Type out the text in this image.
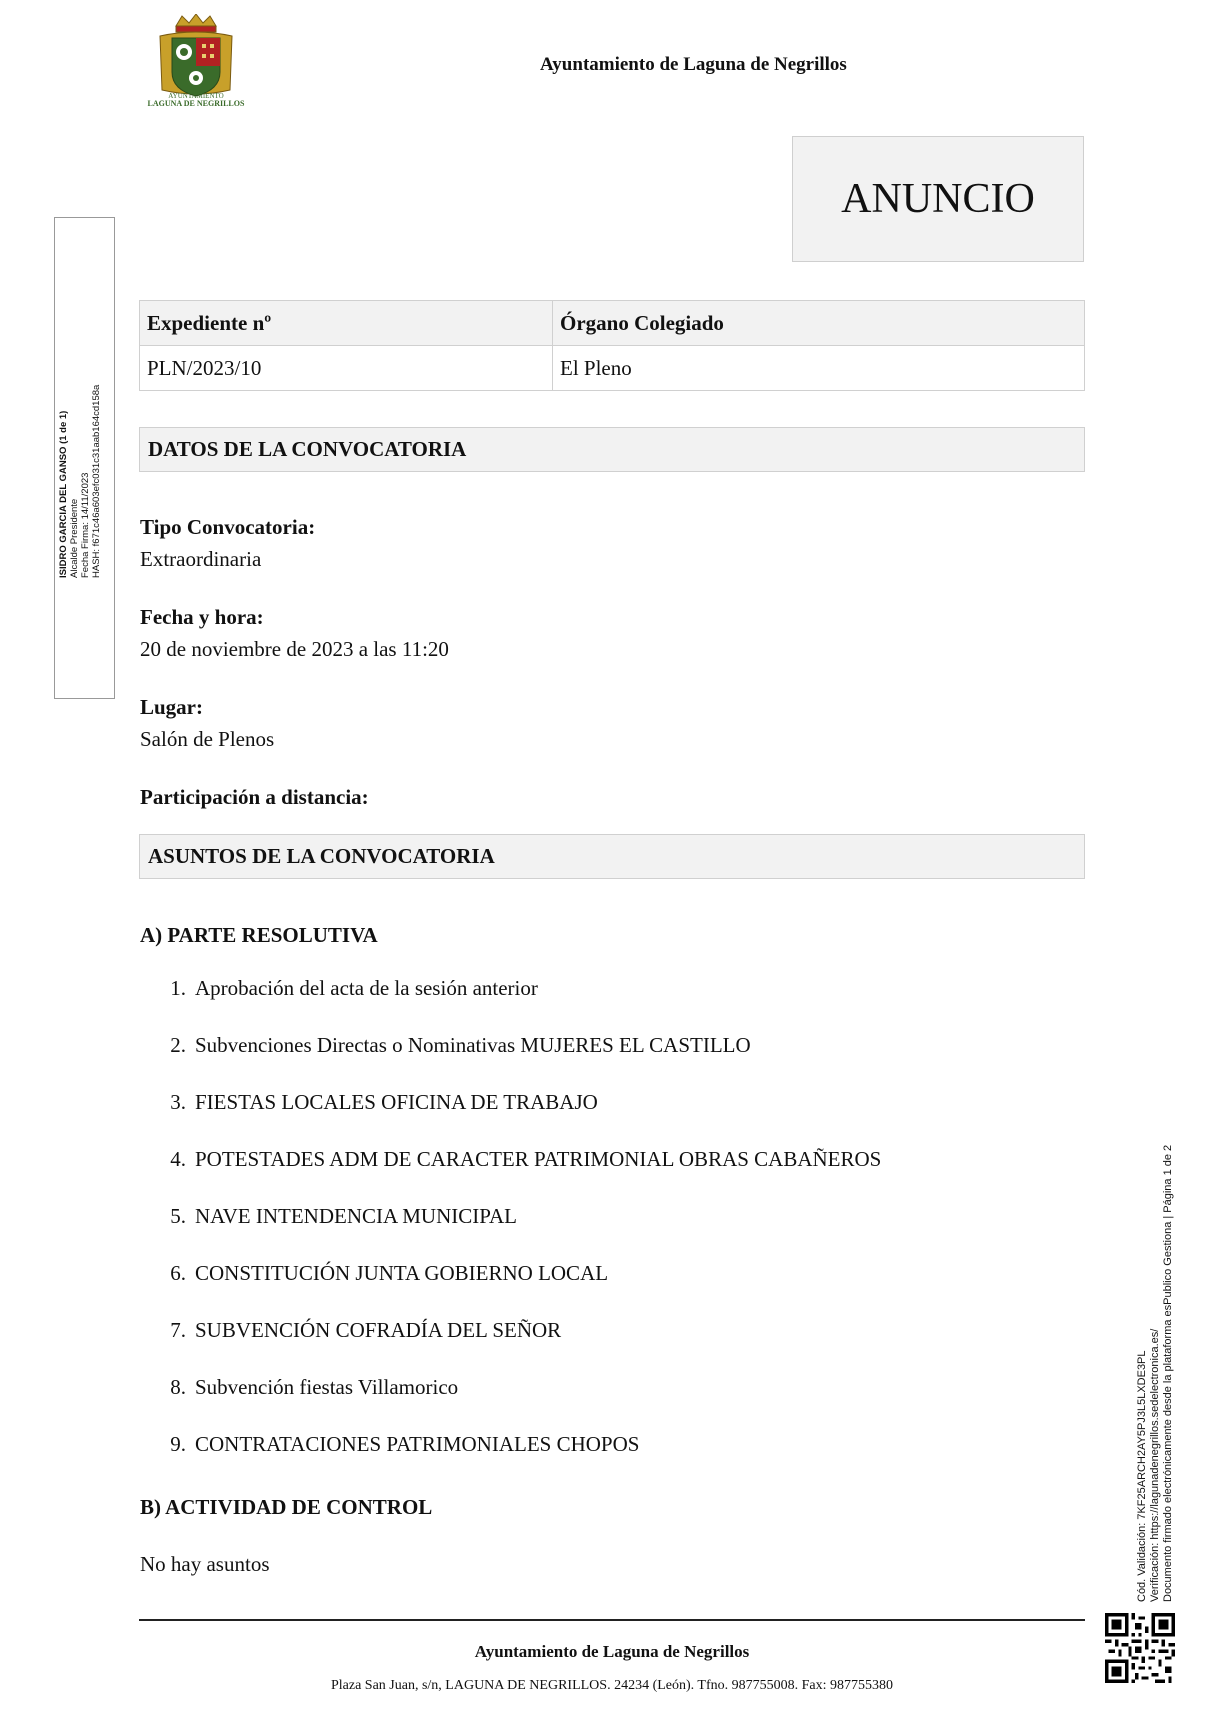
AYUNTAMIENTO
LAGUNA DE NEGRILLOS
Ayuntamiento de Laguna de Negrillos
ANUNCIO
ISIDRO GARCIA DEL GANSO (1 de 1) Alcalde Presidente Fecha Firma: 14/11/2023 HASH: f671c46a603efc031c31aab164cd158a
Expediente nº	Órgano Colegiado
PLN/2023/10	El Pleno
DATOS DE LA CONVOCATORIA
Tipo Convocatoria:
Extraordinaria
Fecha y hora:
20 de noviembre de 2023 a las 11:20
Lugar:
Salón de Plenos
Participación a distancia:
ASUNTOS DE LA CONVOCATORIA
A) PARTE RESOLUTIVA
1. Aprobación del acta de la sesión anterior
2. Subvenciones Directas o Nominativas MUJERES EL CASTILLO
3. FIESTAS LOCALES OFICINA DE TRABAJO
4. POTESTADES ADM DE CARACTER PATRIMONIAL OBRAS CABAÑEROS
5. NAVE INTENDENCIA MUNICIPAL
6. CONSTITUCIÓN JUNTA GOBIERNO LOCAL
7. SUBVENCIÓN COFRADÍA DEL SEÑOR
8. Subvención fiestas Villamorico
9. CONTRATACIONES PATRIMONIALES CHOPOS
B) ACTIVIDAD DE CONTROL
No hay asuntos
Ayuntamiento de Laguna de Negrillos
Plaza San Juan, s/n, LAGUNA DE NEGRILLOS. 24234 (León). Tfno. 987755008. Fax: 987755380
Cód. Validación: 7KF25ARCH2AY5PJ3L5LXDE3PL Verificación: https://lagunadenegrillos.sedelectronica.es/ Documento firmado electrónicamente desde la plataforma esPublico Gestiona | Página 1 de 2
